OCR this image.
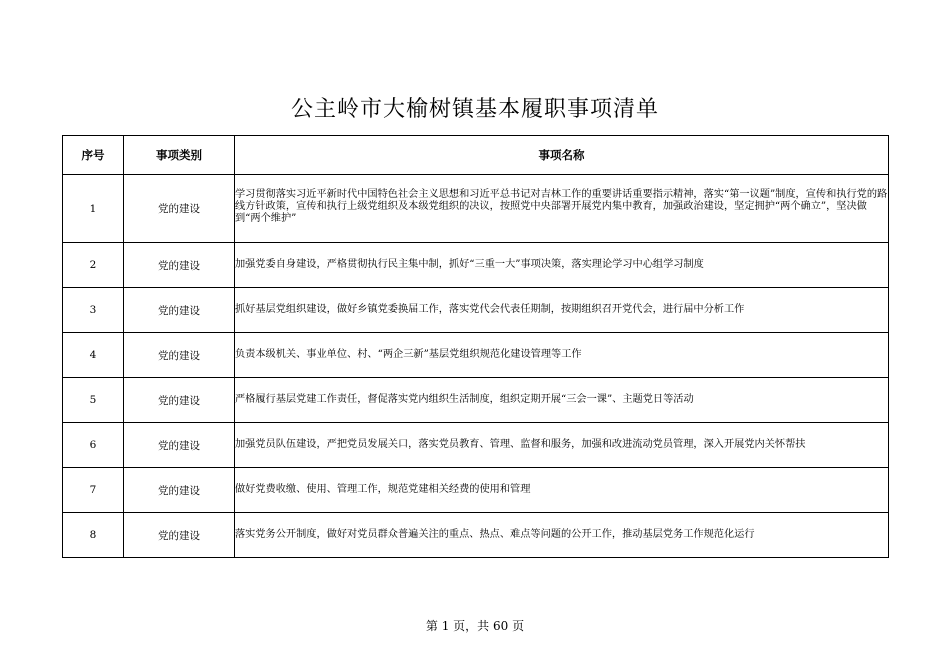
公主岭市大榆树镇基本履职事项清单
序号	事项类别	事项名称
1	党的建设	学习贯彻落实习近平新时代中国特色社会主义思想和习近平总书记对吉林工作的重要讲话重要指示精神，落实“第一议题”制度，宣传和执行党的路线方针政策，宣传和执行上级党组织及本级党组织的决议，按照党中央部署开展党内集中教育，加强政治建设，坚定拥护“两个确立”，坚决做到“两个维护”
2	党的建设	加强党委自身建设，严格贯彻执行民主集中制，抓好“三重一大”事项决策，落实理论学习中心组学习制度
3	党的建设	抓好基层党组织建设，做好乡镇党委换届工作，落实党代会代表任期制，按期组织召开党代会，进行届中分析工作
4	党的建设	负责本级机关、事业单位、村、“两企三新”基层党组织规范化建设管理等工作
5	党的建设	严格履行基层党建工作责任，督促落实党内组织生活制度，组织定期开展“三会一课”、主题党日等活动
6	党的建设	加强党员队伍建设，严把党员发展关口，落实党员教育、管理、监督和服务，加强和改进流动党员管理，深入开展党内关怀帮扶
7	党的建设	做好党费收缴、使用、管理工作，规范党建相关经费的使用和管理
8	党的建设	落实党务公开制度，做好对党员群众普遍关注的重点、热点、难点等问题的公开工作，推动基层党务工作规范化运行
第 1 页，共 60 页
